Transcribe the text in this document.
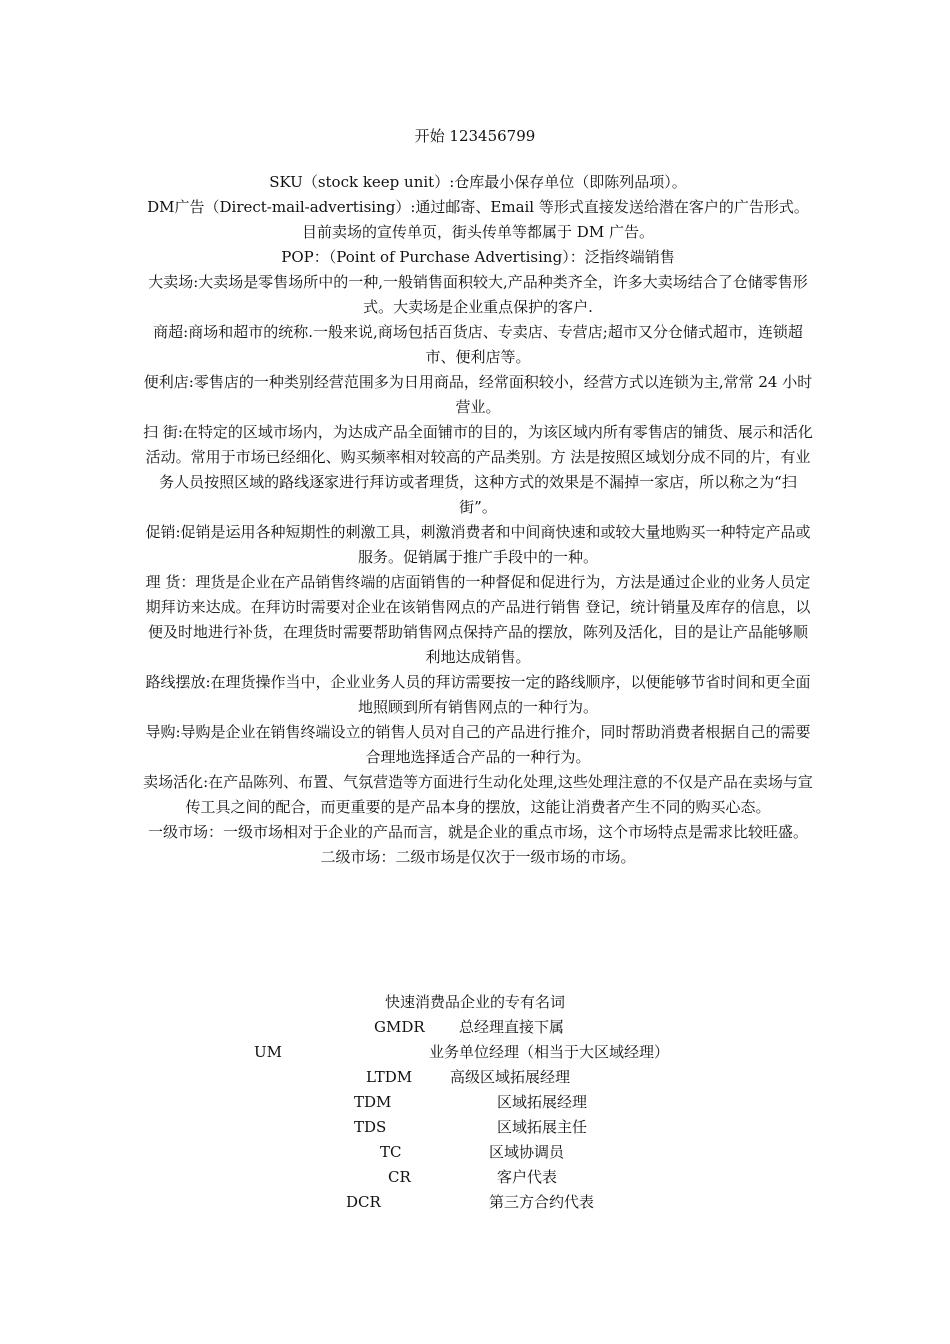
开始 123456799

SKU（stock keep unit）:仓库最小保存单位（即陈列品项）。

DM广告（Direct-mail-advertising）:通过邮寄、Email 等形式直接发送给潜在客户的广告形式。目前卖场的宣传单页，街头传单等都属于 DM 广告。

POP：（Point of Purchase Advertising）：泛指终端销售

大卖场:大卖场是零售场所中的一种,一般销售面积较大,产品种类齐全，许多大卖场结合了仓储零售形式。大卖场是企业重点保护的客户.

商超:商场和超市的统称.一般来说,商场包括百货店、专卖店、专营店;超市又分仓储式超市，连锁超市、便利店等。

便利店:零售店的一种类别经营范围多为日用商品，经常面积较小，经营方式以连锁为主,常常 24 小时营业。

扫 街:在特定的区域市场内，为达成产品全面铺市的目的，为该区域内所有零售店的铺货、展示和活化活动。常用于市场已经细化、购买频率相对较高的产品类别。方 法是按照区域划分成不同的片，有业务人员按照区域的路线逐家进行拜访或者理货，这种方式的效果是不漏掉一家店，所以称之为“扫街”。

促销:促销是运用各种短期性的刺激工具，刺激消费者和中间商快速和或较大量地购买一种特定产品或服务。促销属于推广手段中的一种。

理 货：理货是企业在产品销售终端的店面销售的一种督促和促进行为，方法是通过企业的业务人员定期拜访来达成。在拜访时需要对企业在该销售网点的产品进行销售 登记，统计销量及库存的信息，以便及时地进行补货，在理货时需要帮助销售网点保持产品的摆放，陈列及活化，目的是让产品能够顺利地达成销售。

路线摆放:在理货操作当中，企业业务人员的拜访需要按一定的路线顺序，以便能够节省时间和更全面地照顾到所有销售网点的一种行为。

导购:导购是企业在销售终端设立的销售人员对自己的产品进行推介，同时帮助消费者根据自己的需要合理地选择适合产品的一种行为。

卖场活化:在产品陈列、布置、气氛营造等方面进行生动化处理,这些处理注意的不仅是产品在卖场与宣传工具之间的配合，而更重要的是产品本身的摆放，这能让消费者产生不同的购买心态。

一级市场：一级市场相对于企业的产品而言，就是企业的重点市场，这个市场特点是需求比较旺盛。

二级市场：二级市场是仅次于一级市场的市场。

快速消费品企业的专有名词
GMDR 总经理直接下属
UM	业务单位经理（相当于大区域经理）
LTDM	高级区域拓展经理
TDM	区域拓展经理
TDS	区域拓展主任
TC	区域协调员
CR	客户代表
DCR	第三方合约代表
